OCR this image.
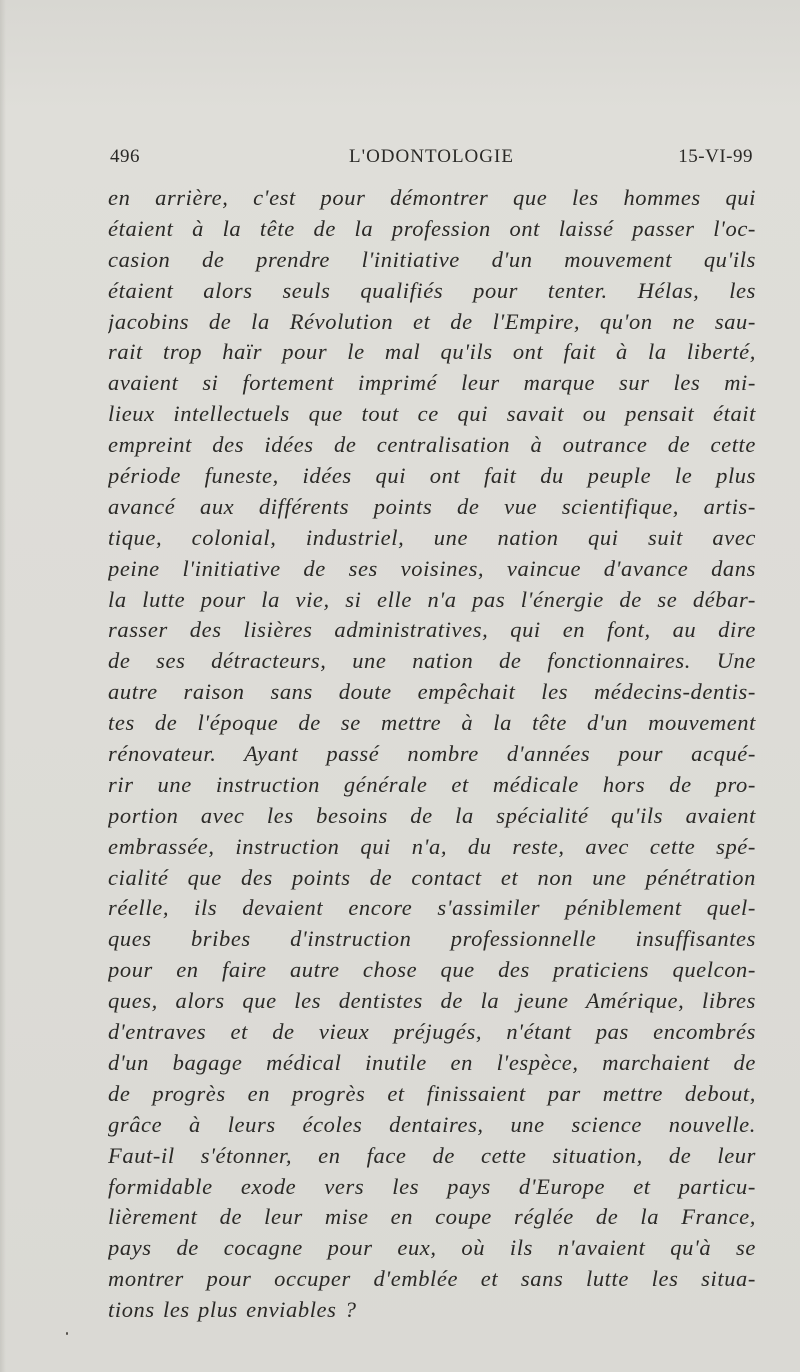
496	L'ODONTOLOGIE	15-VI-99
en arrière, c'est pour démontrer que les hommes qui
étaient à la tête de la profession ont laissé passer l'oc-
casion de prendre l'initiative d'un mouvement qu'ils
étaient alors seuls qualifiés pour tenter. Hélas, les
jacobins de la Révolution et de l'Empire, qu'on ne sau-
rait trop haïr pour le mal qu'ils ont fait à la liberté,
avaient si fortement imprimé leur marque sur les mi-
lieux intellectuels que tout ce qui savait ou pensait était
empreint des idées de centralisation à outrance de cette
période funeste, idées qui ont fait du peuple le plus
avancé aux différents points de vue scientifique, artis-
tique, colonial, industriel, une nation qui suit avec
peine l'initiative de ses voisines, vaincue d'avance dans
la lutte pour la vie, si elle n'a pas l'énergie de se débar-
rasser des lisières administratives, qui en font, au dire
de ses détracteurs, une nation de fonctionnaires. Une
autre raison sans doute empêchait les médecins-dentis-
tes de l'époque de se mettre à la tête d'un mouvement
rénovateur. Ayant passé nombre d'années pour acqué-
rir une instruction générale et médicale hors de pro-
portion avec les besoins de la spécialité qu'ils avaient
embrassée, instruction qui n'a, du reste, avec cette spé-
cialité que des points de contact et non une pénétration
réelle, ils devaient encore s'assimiler péniblement quel-
ques bribes d'instruction professionnelle insuffisantes
pour en faire autre chose que des praticiens quelcon-
ques, alors que les dentistes de la jeune Amérique, libres
d'entraves et de vieux préjugés, n'étant pas encombrés
d'un bagage médical inutile en l'espèce, marchaient de
de progrès en progrès et finissaient par mettre debout,
grâce à leurs écoles dentaires, une science nouvelle.
Faut-il s'étonner, en face de cette situation, de leur
formidable exode vers les pays d'Europe et particu-
lièrement de leur mise en coupe réglée de la France,
pays de cocagne pour eux, où ils n'avaient qu'à se
montrer pour occuper d'emblée et sans lutte les situa-
tions les plus enviables ?
